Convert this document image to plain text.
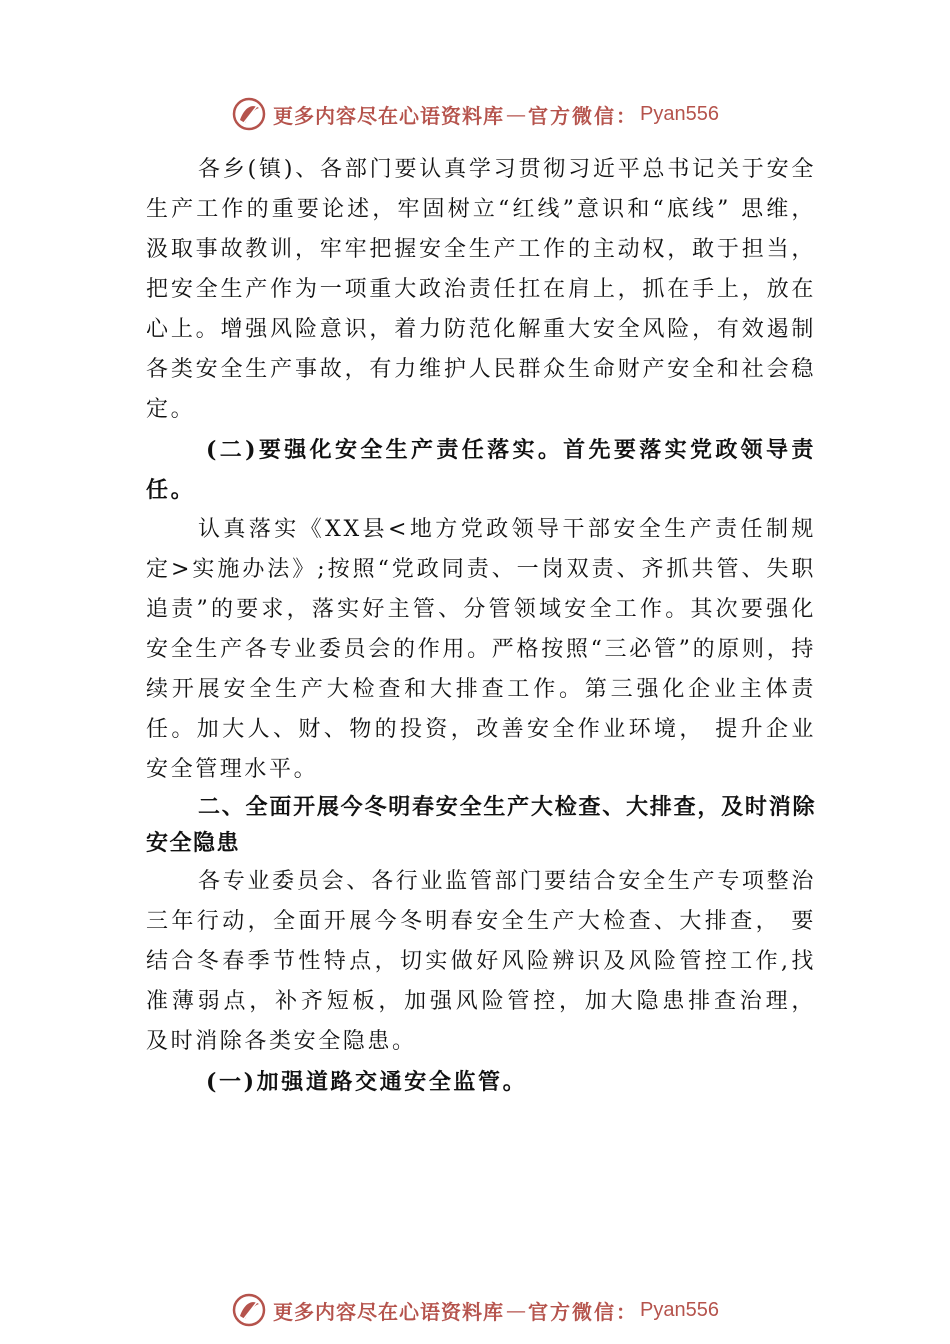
更多内容尽在心语资料库 — 官方微信： Pyan556

各乡(镇)、各部门要认真学习贯彻习近平总书记关于安全生产工作的重要论述，牢固树立“红线”意识和“底线” 思维，汲取事故教训，牢牢把握安全生产工作的主动权，敢于担当，把安全生产作为一项重大政治责任扛在肩上，抓在手上，放在心上。增强风险意识，着力防范化解重大安全风险，有效遏制各类安全生产事故，有力维护人民群众生命财产安全和社会稳定。

(二)要强化安全生产责任落实。首先要落实党政领导责任。

认真落实《XX县<地方党政领导干部安全生产责任制规定>实施办法》;按照“党政同责、一岗双责、齐抓共管、失职追责”的要求，落实好主管、分管领域安全工作。其次要强化安全生产各专业委员会的作用。严格按照“三必管”的原则，持续开展安全生产大检查和大排查工作。第三强化企业主体责任。加大人、财、物的投资，改善安全作业环境， 提升企业安全管理水平。

二、全面开展今冬明春安全生产大检查、大排查，及时消除安全隐患

各专业委员会、各行业监管部门要结合安全生产专项整治三年行动，全面开展今冬明春安全生产大检查、大排查， 要结合冬春季节性特点，切实做好风险辨识及风险管控工作,找准薄弱点，补齐短板，加强风险管控，加大隐患排查治理， 及时消除各类安全隐患。

(一)加强道路交通安全监管。

更多内容尽在心语资料库 — 官方微信： Pyan556
